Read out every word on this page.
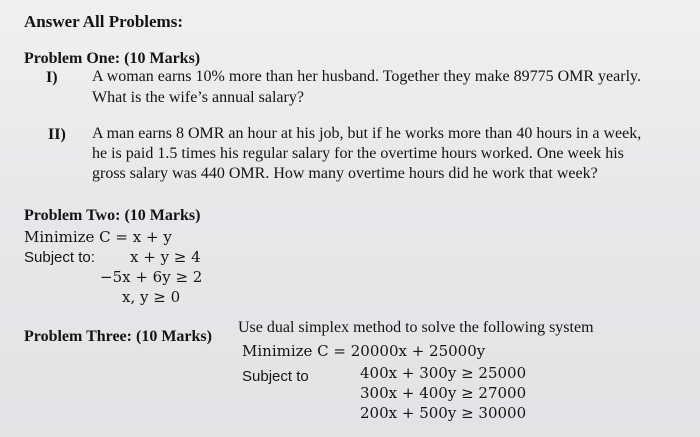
Answer All Problems:
Problem One: (10 Marks)
I) A woman earns 10% more than her husband. Together they make 89775 OMR yearly.
What is the wife’s annual salary?
II) A man earns 8 OMR an hour at his job, but if he works more than 40 hours in a week,
he is paid 1.5 times his regular salary for the overtime hours worked. One week his
gross salary was 440 OMR. How many overtime hours did he work that week?
Problem Two: (10 Marks)
Minimize C = x + y
Subject to: x + y ≥ 4
−5x + 6y ≥ 2
x, y ≥ 0
Problem Three: (10 Marks)
Use dual simplex method to solve the following system
Minimize C = 20000x + 25000y
Subject to	400x + 300y ≥ 25000
300x + 400y ≥ 27000
200x + 500y ≥ 30000
